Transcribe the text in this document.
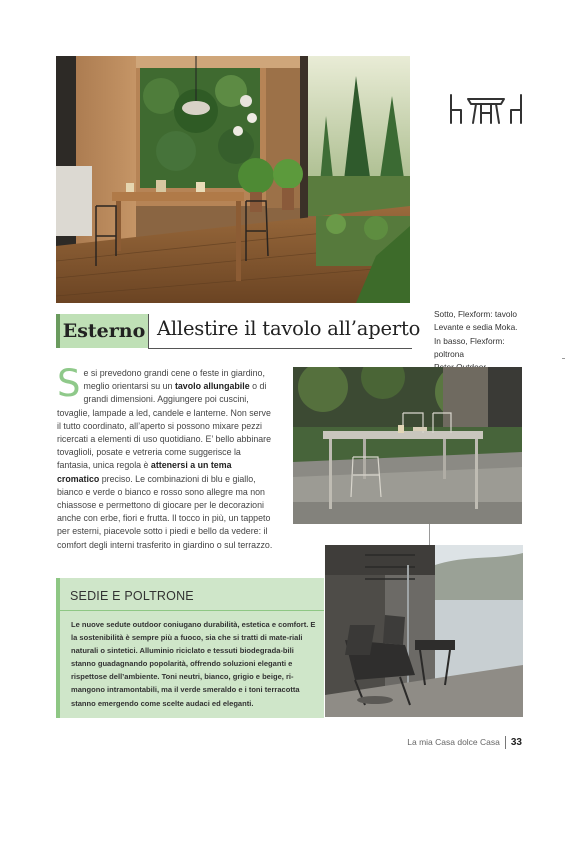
Esterno Allestire il tavolo all’aperto

Sotto, Flexform: tavolo
Levante e sedia Moka.
In basso, Flexform: poltrona

Se si prevedono grandi cene o feste in giardino, meglio orientarsi su un tavolo allungabile o di grandi dimensioni. Aggiungere poi cuscini, tovaglie, lampade a led, candele e lanterne. Non serve il tutto coordinato, all’aperto si possono mixare pezzi ricercati a elementi di uso quotidiano. E’ bello abbinare tovaglioli, posate e vetreria come suggerisce la fantasia, unica regola è attenersi a un tema cromatico preciso. Le combinazioni di blu e giallo, bianco e verde o bianco e rosso sono allegre ma non chiassose e permettono di giocare per le decorazioni anche con erbe, fiori e frutta. Il tocco in più, un tappeto per esterni, piacevole sotto i piedi e bello da vedere: il comfort degli interni trasferito in giardino o sul terrazzo.
SEDIE E POLTRONE
Le nuove sedute outdoor coniugano durabilità, estetica e comfort. E la sostenibilità è sempre più a fuoco, sia che si tratti di mate-riali naturali o sintetici. Alluminio riciclato e tessuti biodegrada-bili stanno guadagnando popolarità, offrendo soluzioni eleganti e rispettose dell’ambiente. Toni neutri, bianco, grigio e beige, ri-mangono intramontabili, ma il verde smeraldo e i toni terracotta stanno emergendo come scelte audaci ed eleganti.
La mia Casa dolce Casa 33
